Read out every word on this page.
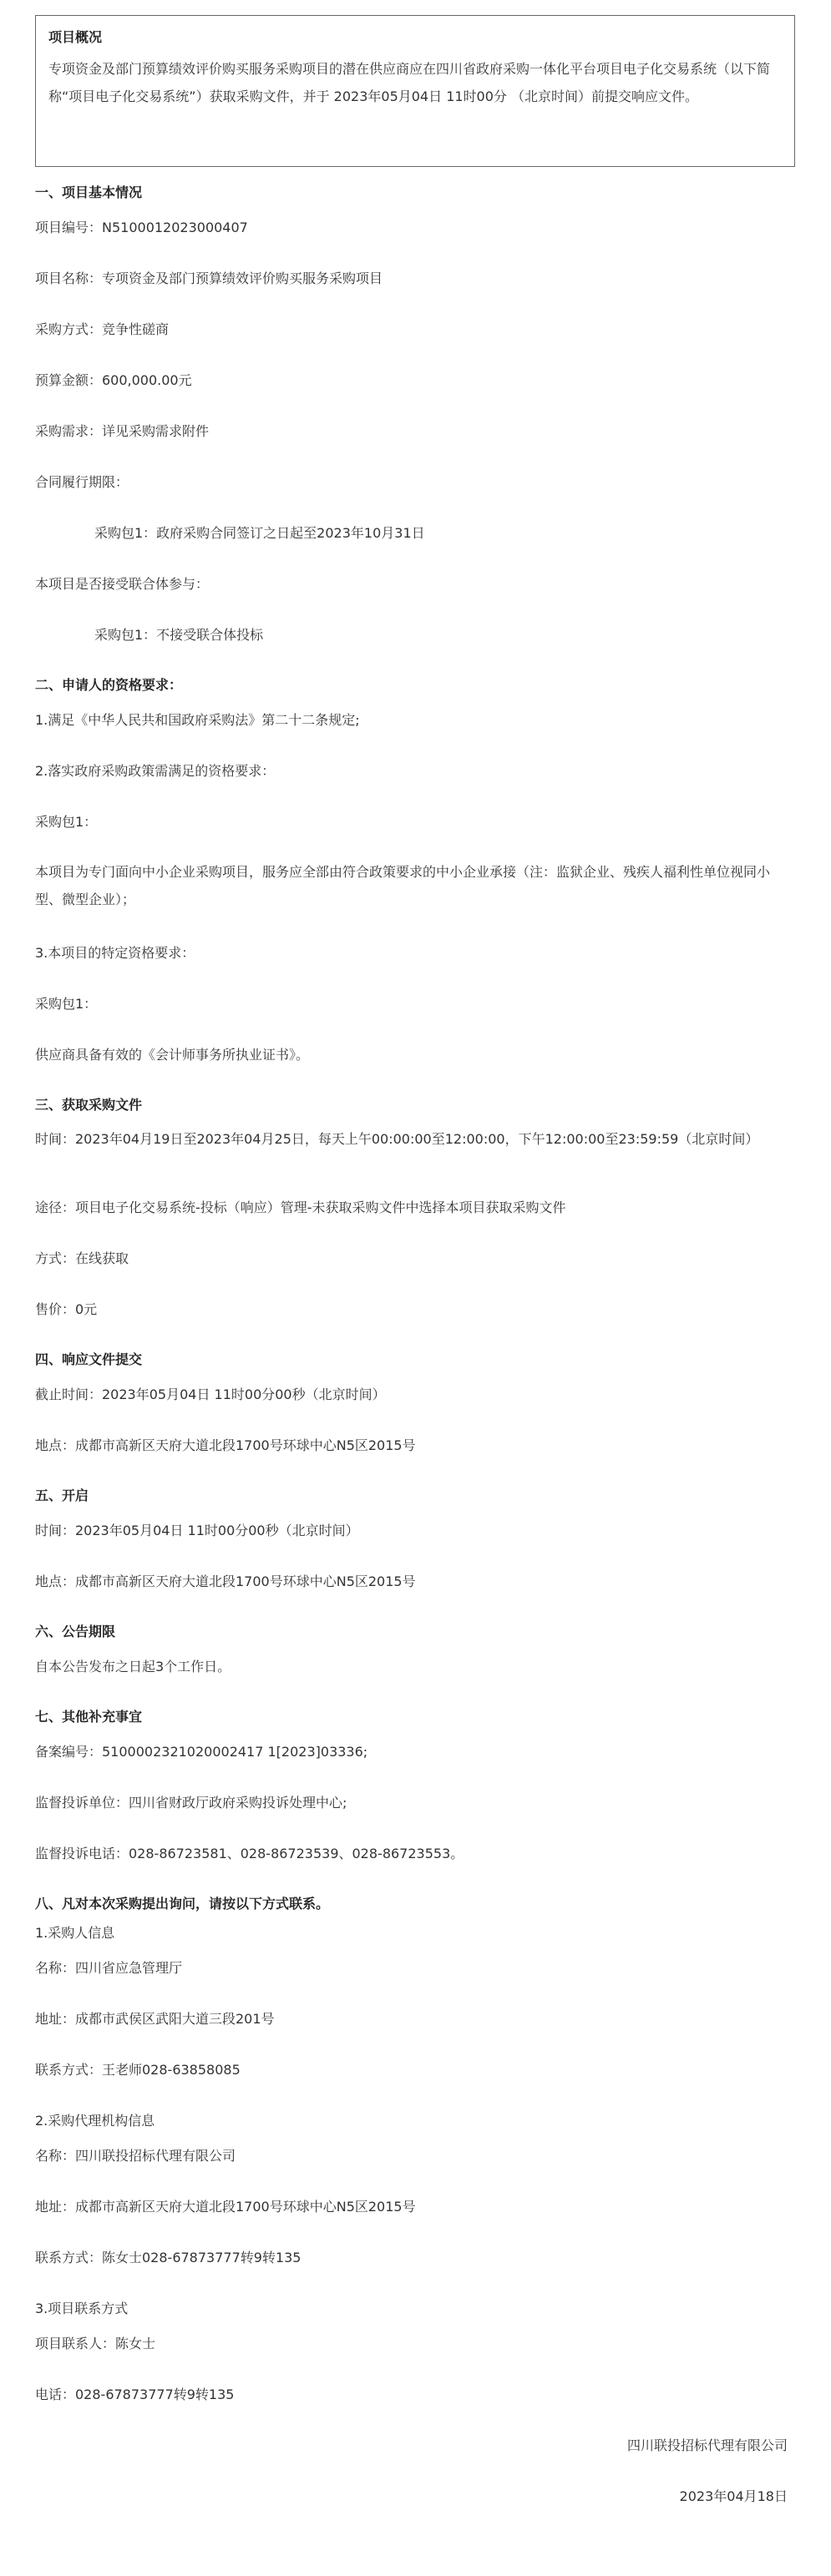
项目概况
专项资金及部门预算绩效评价购买服务采购项目的潜在供应商应在四川省政府采购一体化平台项目电子化交易系统（以下简称“项目电子化交易系统”）获取采购文件，并于 2023年05月04日 11时00分 （北京时间）前提交响应文件。
一、项目基本情况
项目编号：N5100012023000407
项目名称：专项资金及部门预算绩效评价购买服务采购项目
采购方式：竞争性磋商
预算金额：600,000.00元
采购需求：详见采购需求附件
合同履行期限：
采购包1：政府采购合同签订之日起至2023年10月31日
本项目是否接受联合体参与：
采购包1：不接受联合体投标
二、申请人的资格要求：
1.满足《中华人民共和国政府采购法》第二十二条规定;
2.落实政府采购政策需满足的资格要求：
采购包1：
本项目为专门面向中小企业采购项目，服务应全部由符合政策要求的中小企业承接（注：监狱企业、残疾人福利性单位视同小型、微型企业）；
3.本项目的特定资格要求：
采购包1：
供应商具备有效的《会计师事务所执业证书》。
三、获取采购文件
时间：2023年04月19日至2023年04月25日，每天上午00:00:00至12:00:00，下午12:00:00至23:59:59（北京时间）
途径：项目电子化交易系统-投标（响应）管理-未获取采购文件中选择本项目获取采购文件
方式：在线获取
售价：0元
四、响应文件提交
截止时间：2023年05月04日 11时00分00秒（北京时间）
地点：成都市高新区天府大道北段1700号环球中心N5区2015号
五、开启
时间：2023年05月04日 11时00分00秒（北京时间）
地点：成都市高新区天府大道北段1700号环球中心N5区2015号
六、公告期限
自本公告发布之日起3个工作日。
七、其他补充事宜
备案编号：5100002321020002417 1[2023]03336;
监督投诉单位：四川省财政厅政府采购投诉处理中心;
监督投诉电话：028-86723581、028-86723539、028-86723553。
八、凡对本次采购提出询问，请按以下方式联系。
1.采购人信息
名称：四川省应急管理厅
地址：成都市武侯区武阳大道三段201号
联系方式：王老师028-63858085
2.采购代理机构信息
名称：四川联投招标代理有限公司
地址：成都市高新区天府大道北段1700号环球中心N5区2015号
联系方式：陈女士028-67873777转9转135
3.项目联系方式
项目联系人：陈女士
电话：028-67873777转9转135
四川联投招标代理有限公司
2023年04月18日
